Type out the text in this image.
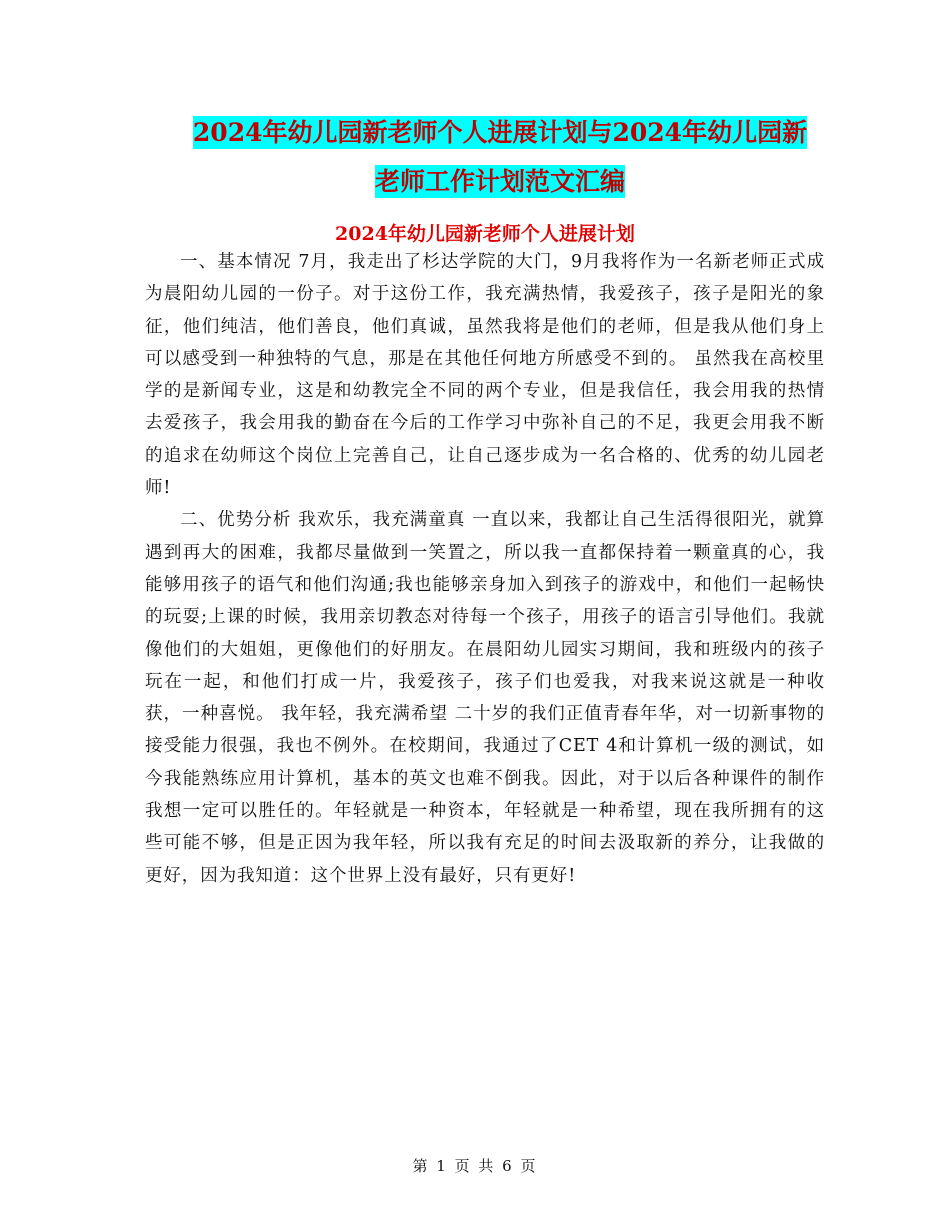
2024年幼儿园新老师个人进展计划与2024年幼儿园新
老师工作计划范文汇编
2024年幼儿园新老师个人进展计划

一、基本情况 7月，我走出了杉达学院的大门，9月我将作为一名新老师正式成为晨阳幼儿园的一份子。对于这份工作，我充满热情，我爱孩子，孩子是阳光的象征，他们纯洁，他们善良，他们真诚，虽然我将是他们的老师，但是我从他们身上可以感受到一种独特的气息，那是在其他任何地方所感受不到的。 虽然我在高校里学的是新闻专业，这是和幼教完全不同的两个专业，但是我信任，我会用我的热情去爱孩子，我会用我的勤奋在今后的工作学习中弥补自己的不足，我更会用我不断的追求在幼师这个岗位上完善自己，让自己逐步成为一名合格的、优秀的幼儿园老师!

二、优势分析 我欢乐，我充满童真 一直以来，我都让自己生活得很阳光，就算遇到再大的困难，我都尽量做到一笑置之，所以我一直都保持着一颗童真的心，我能够用孩子的语气和他们沟通;我也能够亲身加入到孩子的游戏中，和他们一起畅快的玩耍;上课的时候，我用亲切教态对待每一个孩子，用孩子的语言引导他们。我就像他们的大姐姐，更像他们的好朋友。在晨阳幼儿园实习期间，我和班级内的孩子玩在一起，和他们打成一片，我爱孩子，孩子们也爱我，对我来说这就是一种收获，一种喜悦。 我年轻，我充满希望 二十岁的我们正值青春年华，对一切新事物的接受能力很强，我也不例外。在校期间，我通过了CET 4和计算机一级的测试，如今我能熟练应用计算机，基本的英文也难不倒我。因此，对于以后各种课件的制作我想一定可以胜任的。年轻就是一种资本，年轻就是一种希望，现在我所拥有的这些可能不够，但是正因为我年轻，所以我有充足的时间去汲取新的养分，让我做的更好，因为我知道：这个世界上没有最好，只有更好!

第 1 页 共 6 页
